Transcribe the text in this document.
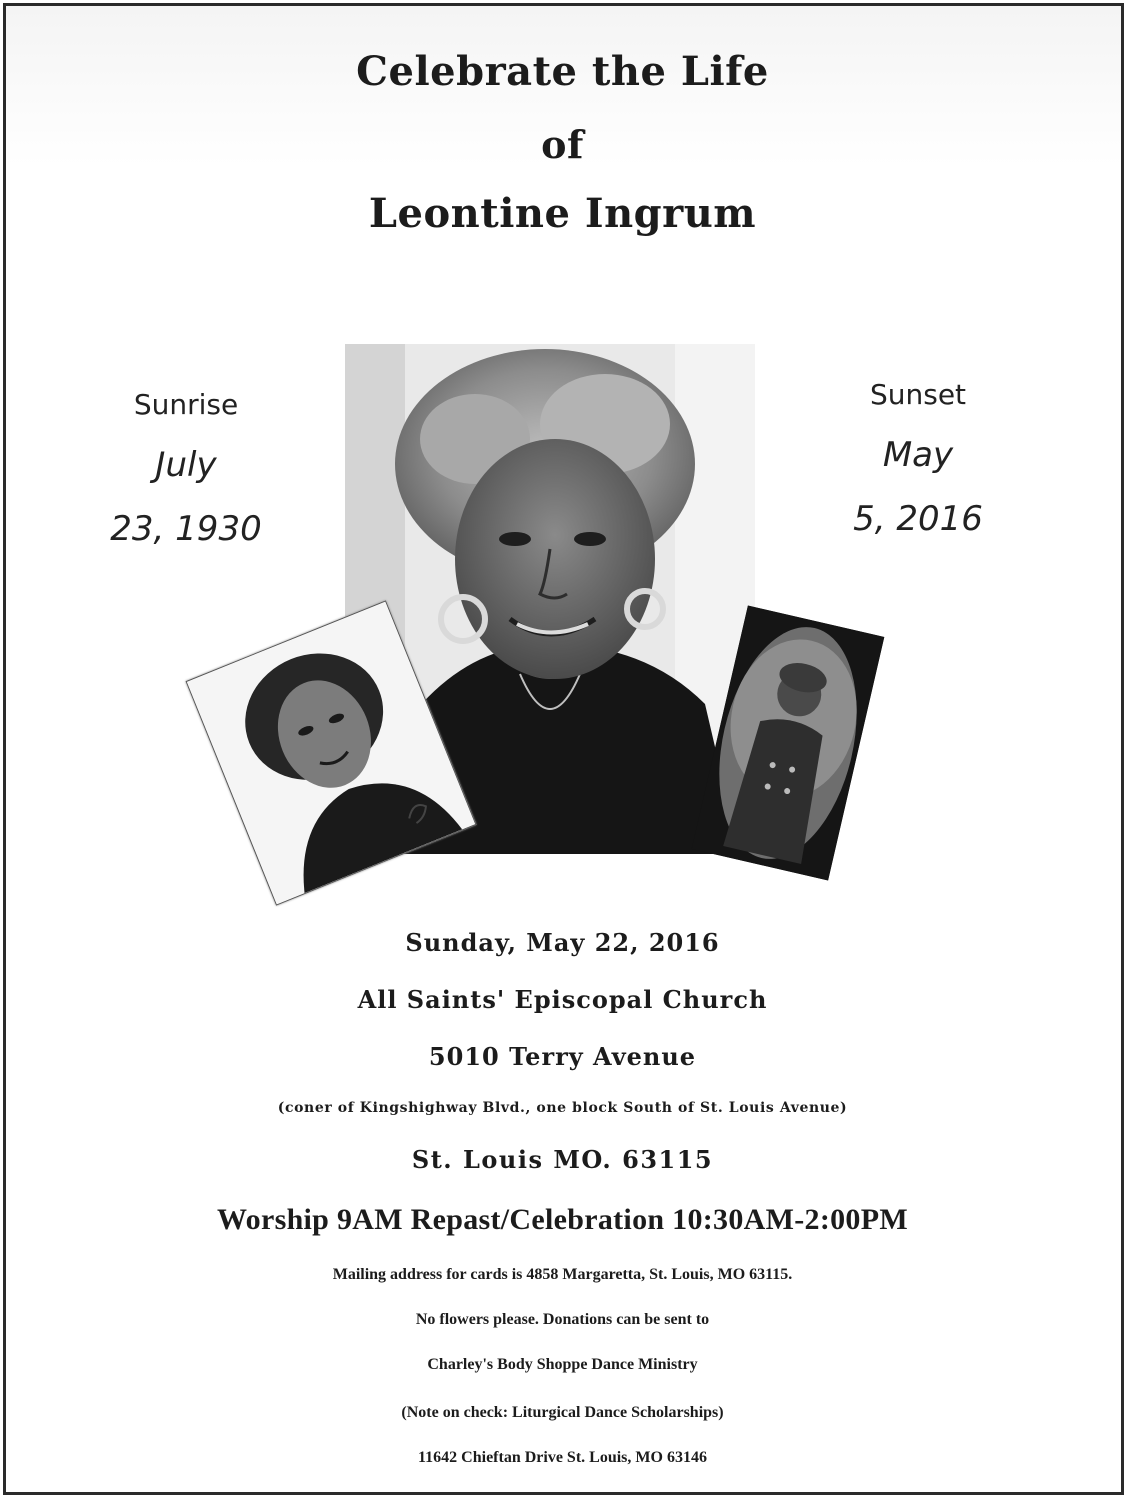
Celebrate the Life
of
Leontine Ingrum
Sunrise
July
23, 1930
Sunset
May
5, 2016
Sunday, May 22, 2016
All Saints' Episcopal Church
5010 Terry Avenue
(coner of Kingshighway Blvd., one block South of St. Louis Avenue)
St. Louis MO. 63115
Worship 9AM Repast/Celebration 10:30AM-2:00PM
Mailing address for cards is 4858 Margaretta, St. Louis, MO 63115.
No flowers please. Donations can be sent to
Charley's Body Shoppe Dance Ministry
(Note on check: Liturgical Dance Scholarships)
11642 Chieftan Drive St. Louis, MO 63146
